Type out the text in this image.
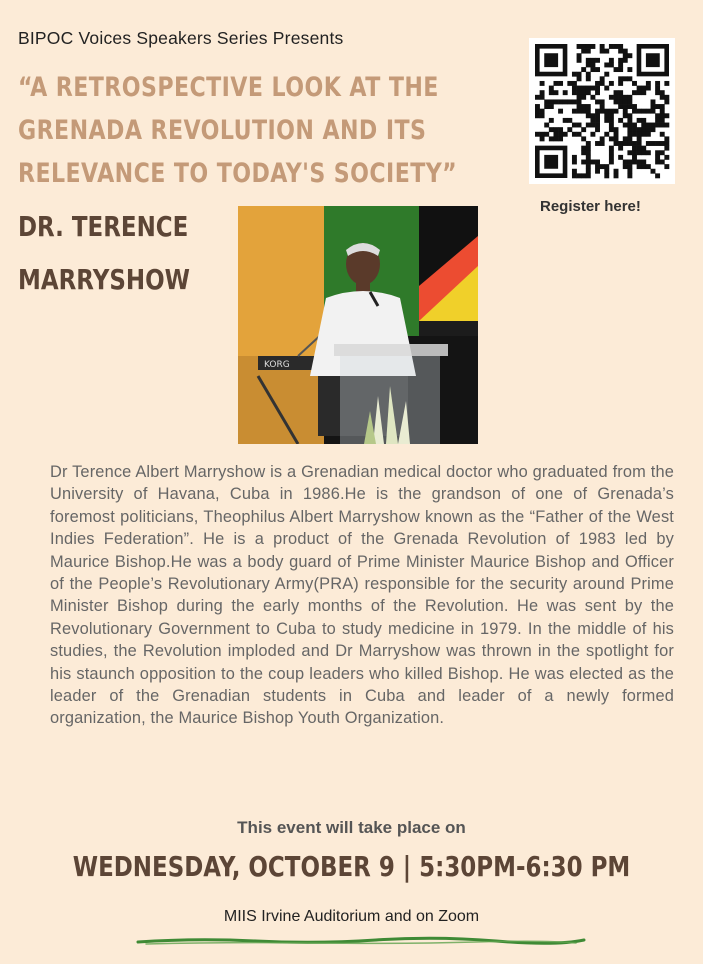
BIPOC Voices Speakers Series Presents
“A RETROSPECTIVE LOOK AT THE
GRENADA REVOLUTION AND ITS
RELEVANCE TO TODAY'S SOCIETY”
DR. TERENCE
MARRYSHOW
Register here!
KORG
Dr Terence Albert Marryshow is a Grenadian medical doctor who graduated from the University of Havana, Cuba in 1986.He is the grandson of one of Grenada’s foremost politicians, Theophilus Albert Marryshow known as the “Father of the West Indies Federation”. He is a product of the Grenada Revolution of 1983 led by Maurice Bishop.He was a body guard of Prime Minister Maurice Bishop and Officer of the People’s Revolutionary Army(PRA) responsible for the security around Prime Minister Bishop during the early months of the Revolution. He was sent by the Revolutionary Government to Cuba to study medicine in 1979. In the middle of his studies, the Revolution imploded and Dr Marryshow was thrown in the spotlight for his staunch opposition to the coup leaders who killed Bishop. He was elected as the leader of the Grenadian students in Cuba and leader of a newly formed organization, the Maurice Bishop Youth Organization.
This event will take place on
WEDNESDAY, OCTOBER 9 | 5:30PM-6:30 PM
MIIS Irvine Auditorium and on Zoom
